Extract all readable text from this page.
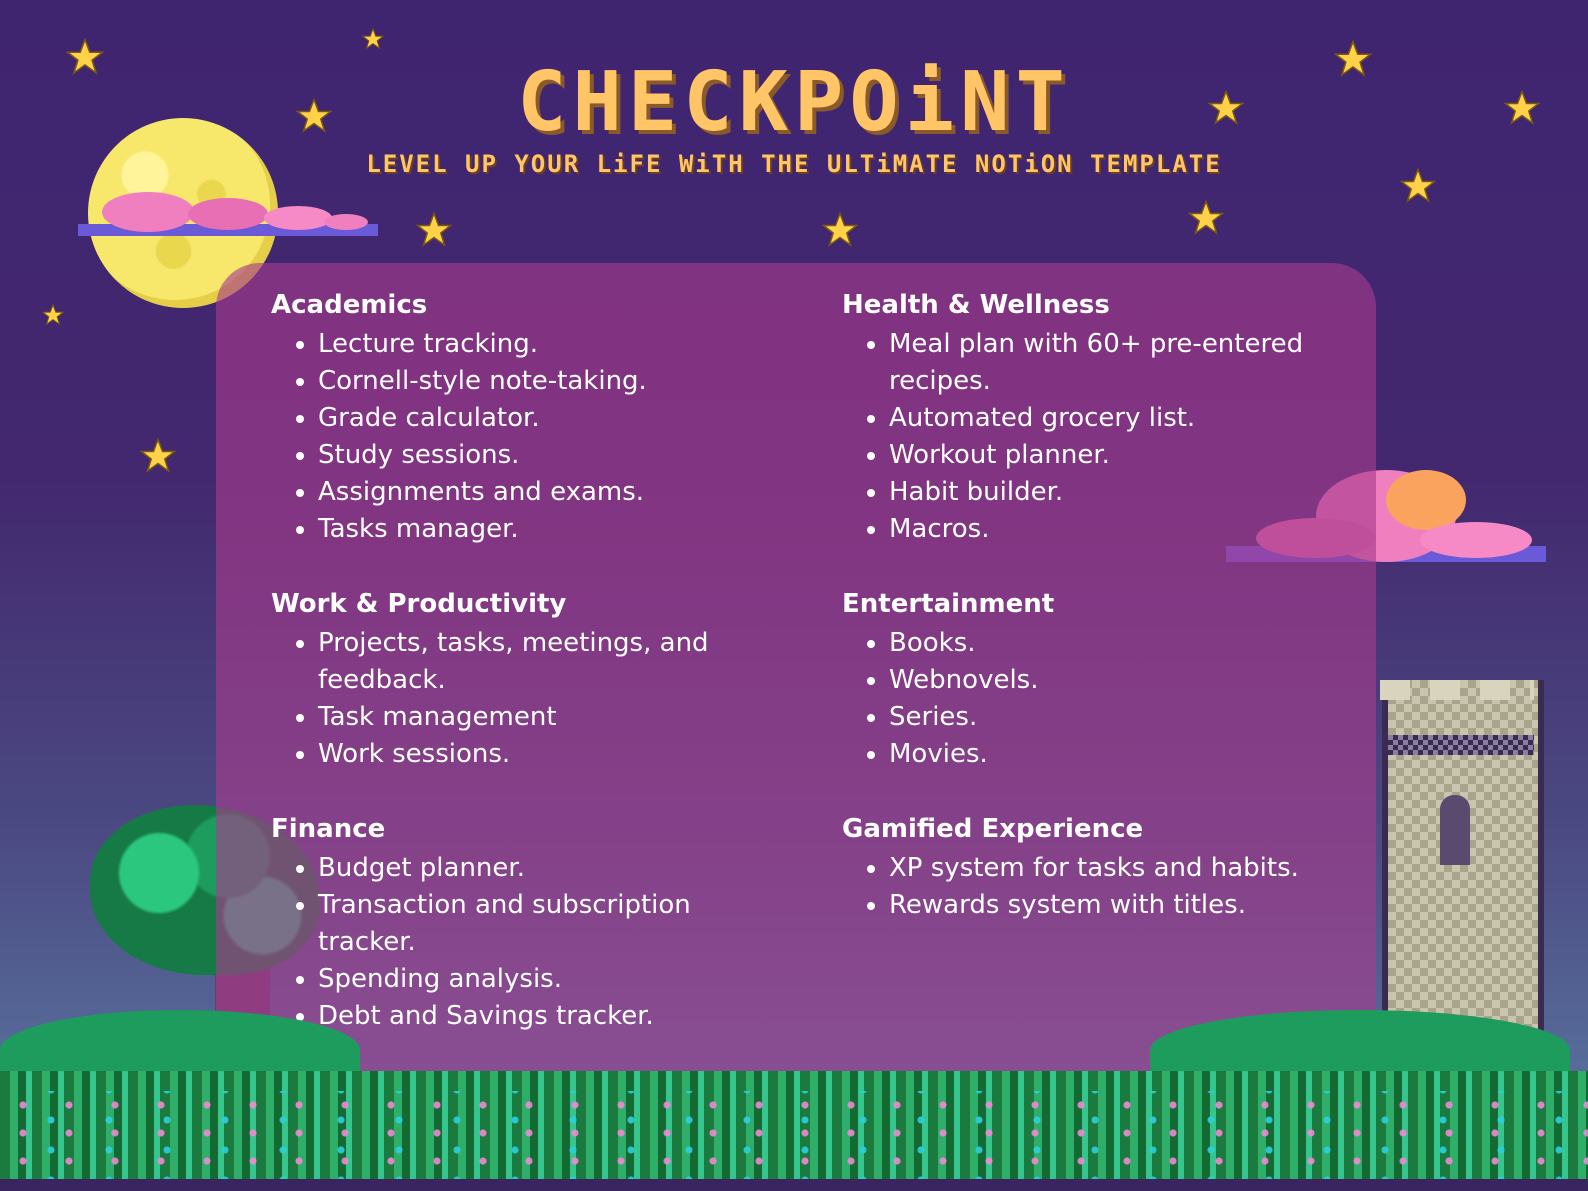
CHECKPOiNT
LEVEL UP YOUR LiFE WiTH THE ULTiMATE NOTiON TEMPLATE
Academics
• Lecture tracking.
• Cornell-style note-taking.
• Grade calculator.
• Study sessions.
• Assignments and exams.
• Tasks manager.
Work & Productivity
• Projects, tasks, meetings, and feedback.
• Task management
• Work sessions.
Finance
• Budget planner.
• Transaction and subscription tracker.
• Spending analysis.
• Debt and Savings tracker.
Health & Wellness
• Meal plan with 60+ pre-entered recipes.
• Automated grocery list.
• Workout planner.
• Habit builder.
• Macros.
Entertainment
• Books.
• Webnovels.
• Series.
• Movies.
Gamified Experience
• XP system for tasks and habits.
• Rewards system with titles.
